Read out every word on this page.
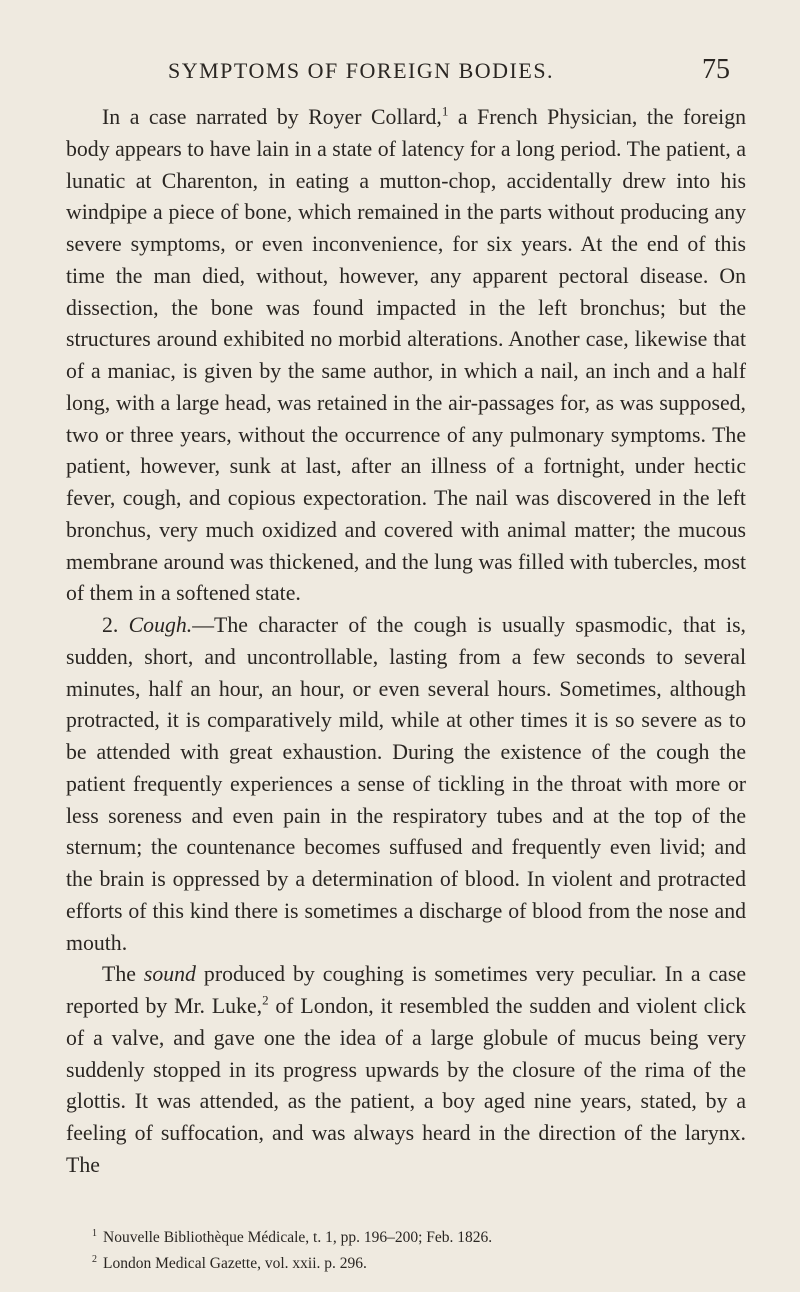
SYMPTOMS OF FOREIGN BODIES.	75

In a case narrated by Royer Collard,$^1$ a French Physician, the foreign body appears to have lain in a state of latency for a long period. The patient, a lunatic at Charenton, in eating a mutton-chop, accidentally drew into his windpipe a piece of bone, which remained in the parts without producing any severe symptoms, or even inconvenience, for six years. At the end of this time the man died, without, however, any apparent pectoral disease. On dissection, the bone was found impacted in the left bronchus; but the structures around exhibited no morbid alterations. Another case, likewise that of a maniac, is given by the same author, in which a nail, an inch and a half long, with a large head, was retained in the air-passages for, as was supposed, two or three years, without the occurrence of any pulmonary symptoms. The patient, however, sunk at last, after an illness of a fortnight, under hectic fever, cough, and copious expectoration. The nail was discovered in the left bronchus, very much oxidized and covered with animal matter; the mucous membrane around was thickened, and the lung was filled with tubercles, most of them in a softened state.

2. Cough.—The character of the cough is usually spasmodic, that is, sudden, short, and uncontrollable, lasting from a few seconds to several minutes, half an hour, an hour, or even several hours. Sometimes, although protracted, it is comparatively mild, while at other times it is so severe as to be attended with great exhaustion. During the existence of the cough the patient frequently experiences a sense of tickling in the throat with more or less soreness and even pain in the respiratory tubes and at the top of the sternum; the countenance becomes suffused and frequently even livid; and the brain is oppressed by a determination of blood. In violent and protracted efforts of this kind there is sometimes a discharge of blood from the nose and mouth.

The sound produced by coughing is sometimes very peculiar. In a case reported by Mr. Luke,$^2$ of London, it resembled the sudden and violent click of a valve, and gave one the idea of a large globule of mucus being very suddenly stopped in its progress upwards by the closure of the rima of the glottis. It was attended, as the patient, a boy aged nine years, stated, by a feeling of suffocation, and was always heard in the direction of the larynx. The

$^1$ Nouvelle Bibliothèque Médicale, t. 1, pp. 196–200; Feb. 1826.

$^2$ London Medical Gazette, vol. xxii. p. 296.
